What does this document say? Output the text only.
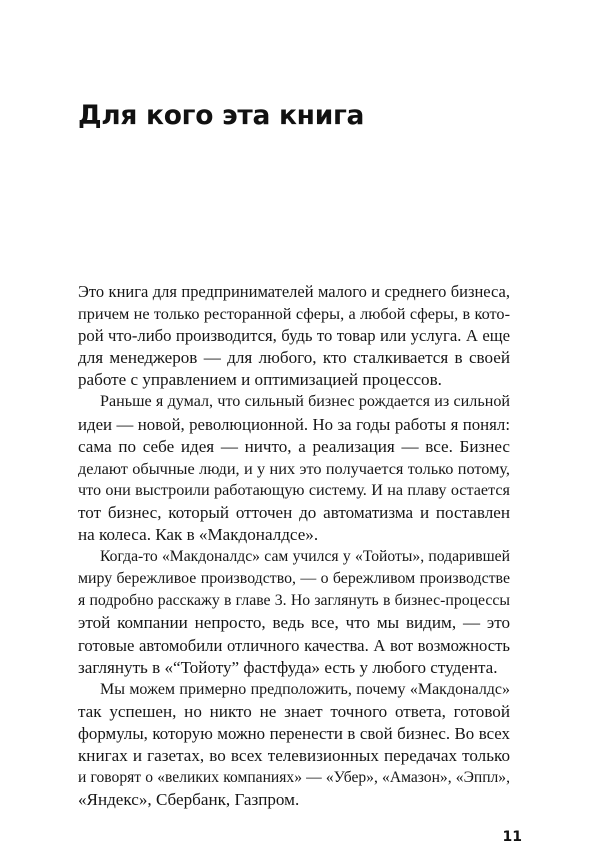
Для кого эта книга
Это книга для предпринимателей малого и среднего бизнеса,
причем не только ресторанной сферы, а любой сферы, в кото-
рой что-либо производится, будь то товар или услуга. А еще
для менеджеров — для любого, кто сталкивается в своей
работе с управлением и оптимизацией процессов.
Раньше я думал, что сильный бизнес рождается из сильной
идеи — новой, революционной. Но за годы работы я понял:
сама по себе идея — ничто, а реализация — все. Бизнес
делают обычные люди, и у них это получается только потому,
что они выстроили работающую систему. И на плаву остается
тот бизнес, который отточен до автоматизма и поставлен
на колеса. Как в «Макдоналдсе».
Когда-то «Макдоналдс» сам учился у «Тойоты», подарившей
миру бережливое производство, — о бережливом производстве
я подробно расскажу в главе 3. Но заглянуть в бизнес-процессы
этой компании непросто, ведь все, что мы видим, — это
готовые автомобили отличного качества. А вот возможность
заглянуть в «“Тойоту” фастфуда» есть у любого студента.
Мы можем примерно предположить, почему «Макдоналдс»
так успешен, но никто не знает точного ответа, готовой
формулы, которую можно перенести в свой бизнес. Во всех
книгах и газетах, во всех телевизионных передачах только
и говорят о «великих компаниях» — «Убер», «Амазон», «Эппл»,
«Яндекс», Сбербанк, Газпром.
11
